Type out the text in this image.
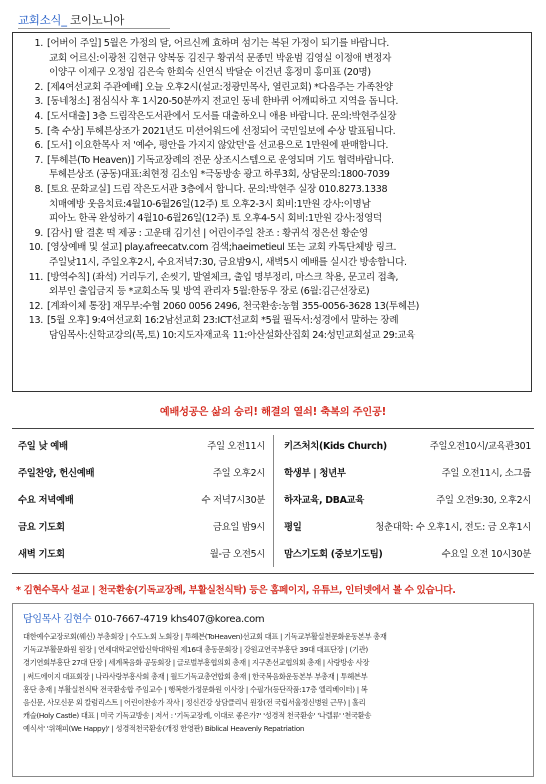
교회소식_ 코이노니아
1. [어버이 주일] 5월은 가정의 달, 어르신께 효하며 섬기는 복된 가정이 되기를 바랍니다.
교회 어르신:이광천 김현규 양복동 김진구 황귀석 문종민 박윤범 김영실 이정애 변정자
이양구 이제구 오정임 김은숙 한희숙 신연식 박달순 이건년 홍정미 홍미표 (20명)
2. [제4여선교회 주관예배] 오늘 오후2시(설교:정광민목사, 열린교회) *다음주는 가족찬양
3. [동네청소] 점심식사 후 1시20-50분까지 전교인 동네 한바퀴 어깨띠하고 지역을 돕니다.
4. [도서대출] 3층 드림작은도서관에서 도서를 대출하오니 애용 바랍니다. 문의:박현주실장
5. [축 수상] 투헤븐상조가 2021년도 미션어워드에 선정되어 국민일보에 수상 발표됩니다.
6. [도서] 이요한목사 저 '예수, 평안을 가지지 않았던'을 선교용으로 1만원에 판매합니다.
7. [투헤븐(To Heaven)] 기독교장례의 전문 상조시스템으로 운영되며 기도 협력바랍니다.
투헤븐상조 (공동)대표:최현정 김소임 *극동방송 광고 하루3회, 상담문의:1800-7039
8. [토요 문화교실] 드림 작은도서관 3층에서 합니다. 문의:박현주 실장 010.8273.1338
치매예방 웃음치료:4월10-6월26일(12주) 토 오후2-3시 회비:1만원 강사:이명남
피아노 한곡 완성하기 4월10-6월26일(12주) 토 오후4-5시 회비:1만원 강사:정영덕
9. [감사] 딸 결혼 떡 제공 : 고운태 김기선 | 어린이주일 찬조 : 황귀석 정은선 황순영
10. [영상예배 및 설교] play.afreecatv.com 검색;haeimetieul 또는 교회 카톡단체방 링크.
주일낮11시, 주일오후2시, 수요저녁7:30, 금요밤9시, 새벽5시 예배를 실시간 방송합니다.
11. [방역수칙] (좌석) 거리두기, 손씻기, 발열체크, 출입 명부정리, 마스크 착용, 문고리 접촉,
외부인 출입금지 등 *교회소독 및 방역 관리자 5월:한동우 장로 (6월:김근선장로)
12. [계좌이체 통장] 재무부:수협 2060 0056 2496, 천국환송:농협 355-0056-3628 13(투헤븐)
13. [5월 오후] 9:4여선교회 16:2남선교회 23:ICT선교회 *5월 필독서:성경에서 말하는 장례
담임목사:신학교강의(목,토) 10:지도자재교육 11:아산설화산집회 24:성민교회설교 29:교육
예배성공은 삶의 승리! 해결의 열쇠! 축복의 주인공!
주일 낮 예배	주일 오전11시
주일찬양, 헌신예배	주일 오후2시
수요 저녁예배	수 저녁7시30분
금요 기도회	금요일 밤9시
새벽 기도회	월-금 오전5시
키즈처치(Kids Church)	주일오전10시/교육관301
학생부 | 청년부	주일 오전11시, 소그룹
하자교육, DBA교육	주일 오전9:30, 오후2시
평일	청춘대학: 수 오후1시, 전도: 금 오후1시
맘스기도회 (중보기도팀)	수요일 오전 10시30분
* 김현수목사 설교 | 천국환송(기독교장례, 부활실천식탁) 등은 홈페이지, 유튜브, 인터넷에서 볼 수 있습니다.
담임목사 김현수 010-7667-4719 khs407@korea.com
대한예수교장로회(웨신) 부총회장 | 수도노회 노회장 | 투헤븐(ToHeaven)선교회 대표 | 기독교부활실천문화운동본부 총재
기독교부활문화원 원장 | 연세대학교연합신학대학원 제16대 총동문회장 | 강원교연국부흥단 39대 대표단장 | (기관)
경기연회부흥단 27대 단장 | 세계복음화 공동회장 | 글로벌부흥협의회 총재 | 지구촌선교협의회 총재 | 사랑방송 사장
| 써드에이지 대표회장 | 나라사랑부흥사회 총재 | 월드기독교총연합회 총재 | 한국복음화운동본부 부총재 | 투헤븐부
흥단 총재 | 부활실천식탁 전국환송합 주임교수 | 행복한가정문화원 이사장 | 수필가(등단작품:17층 엘리베이터) | 복
음신문, 사모신문 외 칼럼리스트 | 어린이찬송가 작사 | 정신건강 상담클리닉 원장(전 국립서울정신병원 근무) | 홀리
캐슬(Holy Castle) 대표 | 미국 기독교방송 | 저서 : '기독교장례, 이대로 좋은가?' '성경적 천국환송' '나렐류' '천국환송
예식서' '위해피(We Happy)' | 성경적천국환송(개정 한영판) Biblical Heavenly Repatriation
